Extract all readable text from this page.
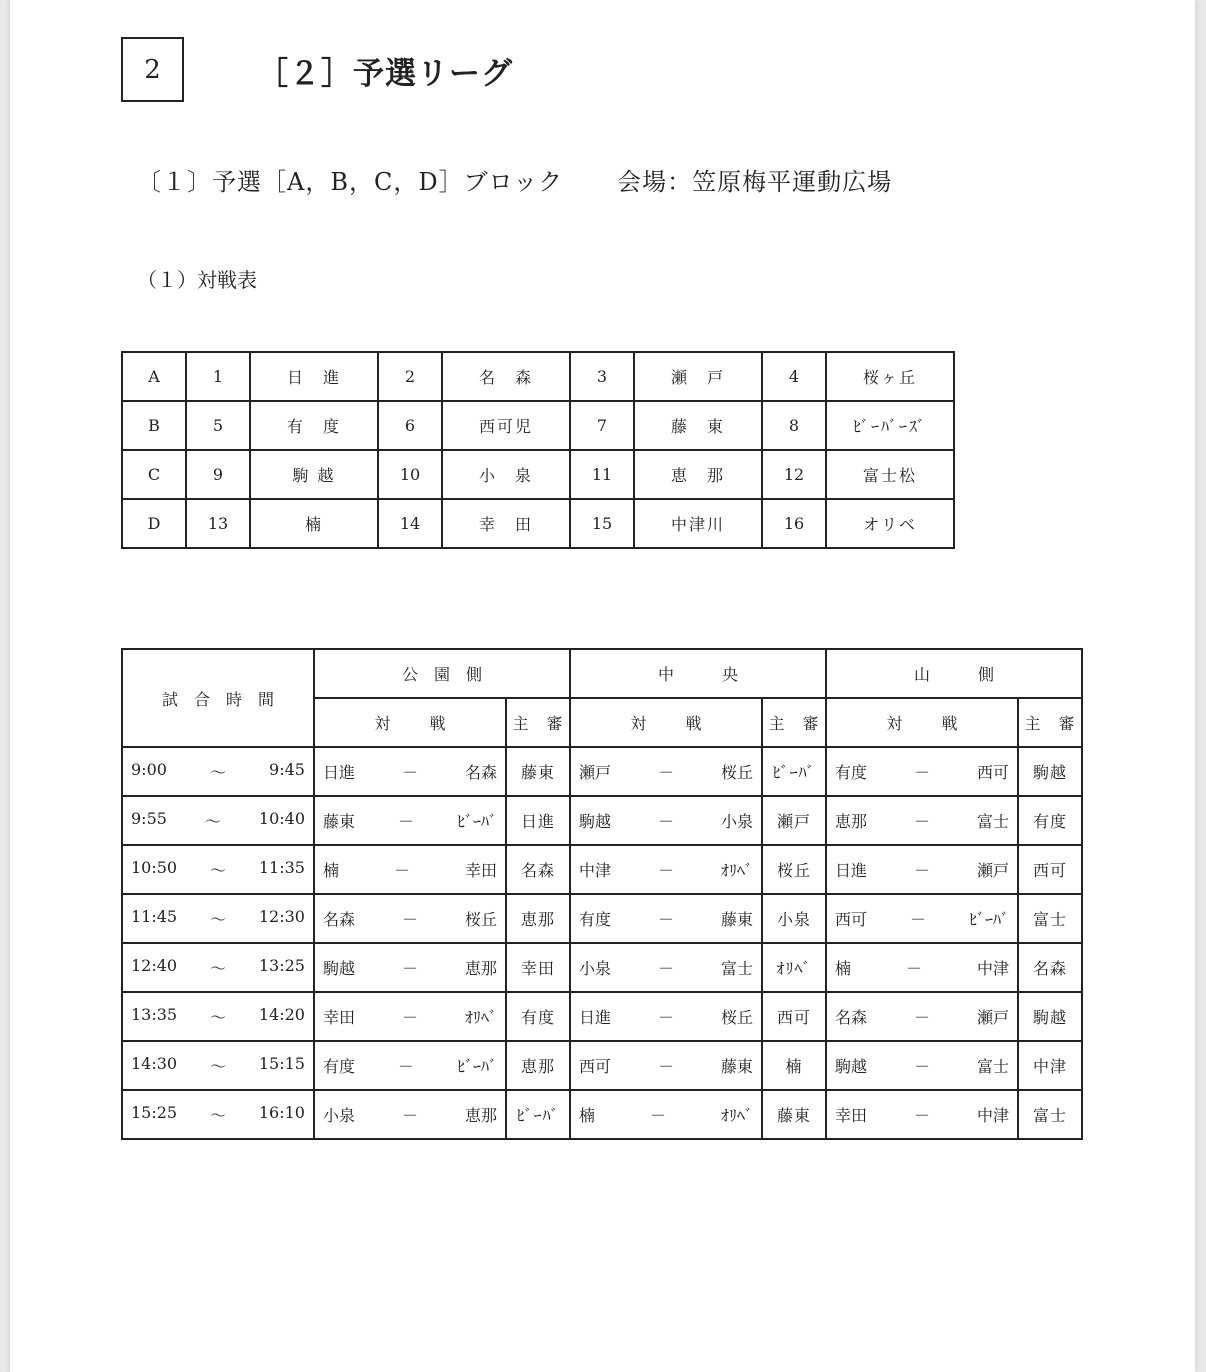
2	［２］予選リーグ
〔１〕予選［A，B，C，D］ブロック 会場：笠原梅平運動広場
（１）対戦表
A	1	日　進	2	名　森	3	瀬　戸	4	桜ヶ丘
B	5	有　度	6	西可児	7	藤　東	8	ﾋﾞｰﾊﾞｰｽﾞ
C	9	駒 越	10	小　泉	11	恵　那	12	富士松
D	13	楠	14	幸　田	15	中津川	16	オリベ
試　合　時　間	公　園　側		中　　　央		山　　　側	

	対 戦	主　審	対 戦	主　審	対 戦	主　審

9:00 ～ 9:45	日進 － 名森	藤東	瀬戸 － 桜丘	ﾋﾞｰﾊﾞ	有度 － 西可	駒越

9:55 ～ 10:40	藤東 － ﾋﾞｰﾊﾞ	日進	駒越 － 小泉	瀬戸	恵那 － 富士	有度

10:50 ～ 11:35	楠 － 幸田	名森	中津 － ｵﾘﾍﾞ	桜丘	日進 － 瀬戸	西可

11:45 ～ 12:30	名森 － 桜丘	恵那	有度 － 藤東	小泉	西可 － ﾋﾞｰﾊﾞ	富士

12:40 ～ 13:25	駒越 － 恵那	幸田	小泉 － 富士	ｵﾘﾍﾞ	楠 － 中津	名森

13:35 ～ 14:20	幸田 － ｵﾘﾍﾞ	有度	日進 － 桜丘	西可	名森 － 瀬戸	駒越

14:30 ～ 15:15	有度 － ﾋﾞｰﾊﾞ	恵那	西可 － 藤東	楠	駒越 － 富士	中津

15:25 ～ 16:10	小泉 － 恵那	ﾋﾞｰﾊﾞ	楠 － ｵﾘﾍﾞ	藤東	幸田 － 中津	富士
